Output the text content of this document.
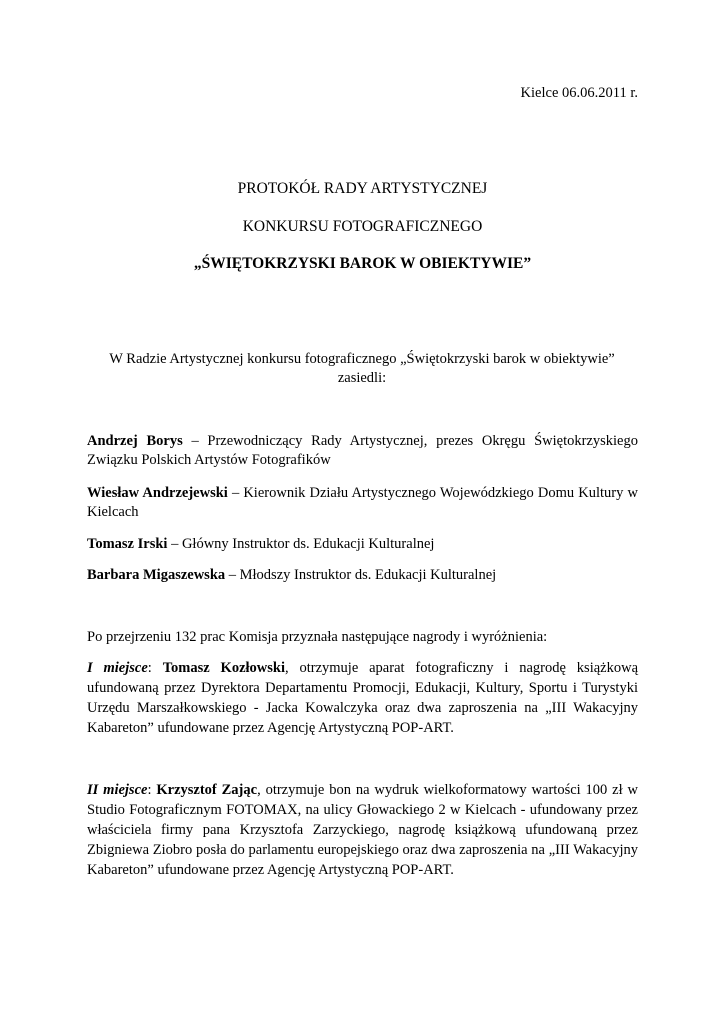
Kielce 06.06.2011 r.
PROTOKÓŁ RADY ARTYSTYCZNEJ
KONKURSU FOTOGRAFICZNEGO
„ŚWIĘTOKRZYSKI BAROK W OBIEKTYWIE”
W Radzie Artystycznej konkursu fotograficznego „Świętokrzyski barok w obiektywie” zasiedli:
Andrzej Borys – Przewodniczący Rady Artystycznej, prezes Okręgu Świętokrzyskiego Związku Polskich Artystów Fotografików
Wiesław Andrzejewski – Kierownik Działu Artystycznego Wojewódzkiego Domu Kultury w Kielcach
Tomasz Irski – Główny Instruktor ds. Edukacji Kulturalnej
Barbara Migaszewska – Młodszy Instruktor ds. Edukacji Kulturalnej
Po przejrzeniu 132 prac Komisja przyznała następujące nagrody i wyróżnienia:
I miejsce: Tomasz Kozłowski, otrzymuje aparat fotograficzny i nagrodę książkową ufundowaną przez Dyrektora Departamentu Promocji, Edukacji, Kultury, Sportu i Turystyki Urzędu Marszałkowskiego - Jacka Kowalczyka oraz dwa zaproszenia na „III Wakacyjny Kabareton” ufundowane przez Agencję Artystyczną POP-ART.
II miejsce: Krzysztof Zając, otrzymuje bon na wydruk wielkoformatowy wartości 100 zł w Studio Fotograficznym FOTOMAX, na ulicy Głowackiego 2 w Kielcach - ufundowany przez właściciela firmy pana Krzysztofa Zarzyckiego, nagrodę książkową ufundowaną przez Zbigniewa Ziobro posła do parlamentu europejskiego oraz dwa zaproszenia na „III Wakacyjny Kabareton” ufundowane przez Agencję Artystyczną POP-ART.
